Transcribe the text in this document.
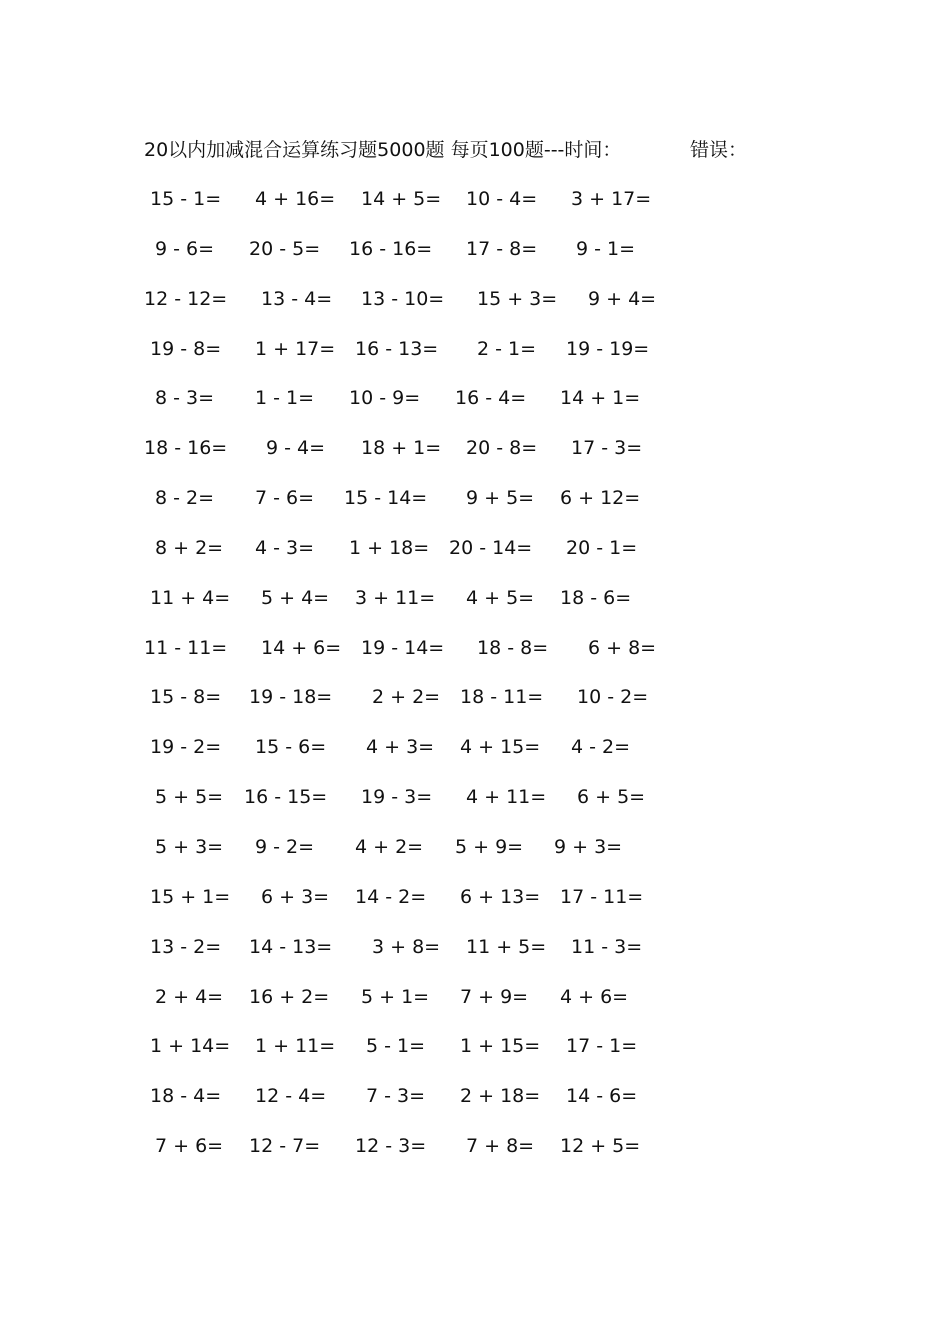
20以内加减混合运算练习题5000题 每页100题---时间：	错误：
15 - 1= 4 + 16= 14 + 5= 10 - 4= 3 + 17=
9 - 6= 20 - 5= 16 - 16= 17 - 8= 9 - 1=
12 - 12= 13 - 4= 13 - 10= 15 + 3= 9 + 4=
19 - 8= 1 + 17= 16 - 13= 2 - 1= 19 - 19=
8 - 3= 1 - 1= 10 - 9= 16 - 4= 14 + 1=
18 - 16= 9 - 4= 18 + 1= 20 - 8= 17 - 3=
8 - 2= 7 - 6= 15 - 14= 9 + 5= 6 + 12=
8 + 2= 4 - 3= 1 + 18= 20 - 14= 20 - 1=
11 + 4= 5 + 4= 3 + 11= 4 + 5= 18 - 6=
11 - 11= 14 + 6= 19 - 14= 18 - 8= 6 + 8=
15 - 8= 19 - 18= 2 + 2= 18 - 11= 10 - 2=
19 - 2= 15 - 6= 4 + 3= 4 + 15= 4 - 2=
5 + 5= 16 - 15= 19 - 3= 4 + 11= 6 + 5=
5 + 3= 9 - 2= 4 + 2= 5 + 9= 9 + 3=
15 + 1= 6 + 3= 14 - 2= 6 + 13= 17 - 11=
13 - 2= 14 - 13= 3 + 8= 11 + 5= 11 - 3=
2 + 4= 16 + 2= 5 + 1= 7 + 9= 4 + 6=
1 + 14= 1 + 11= 5 - 1= 1 + 15= 17 - 1=
18 - 4= 12 - 4= 7 - 3= 2 + 18= 14 - 6=
7 + 6= 12 - 7= 12 - 3= 7 + 8= 12 + 5=
